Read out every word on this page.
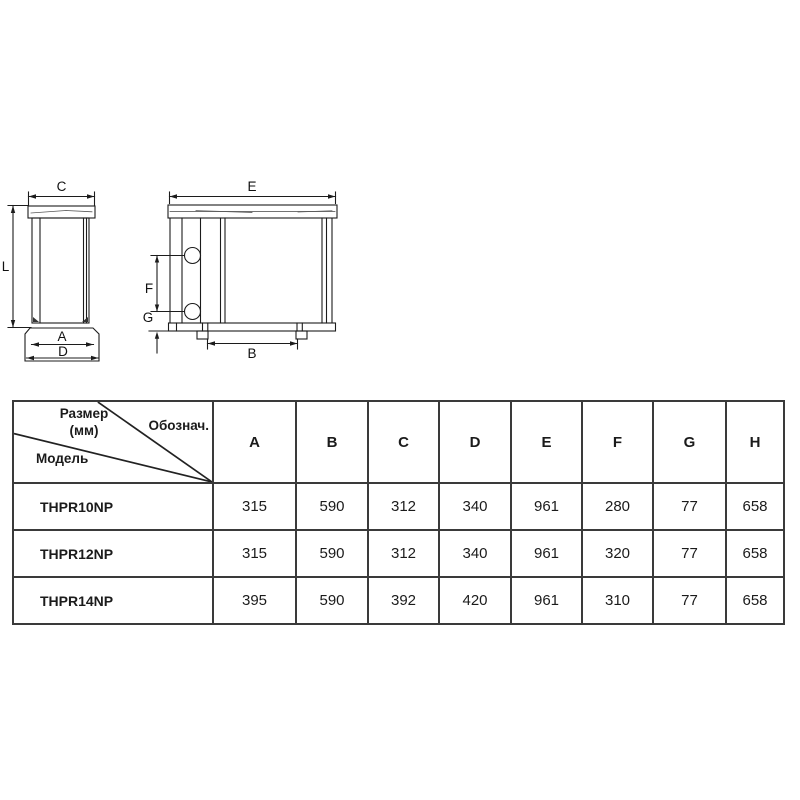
C
L
A
D
E
F
G
B
Размер
(мм) Обознач.
Модель	A	B	C	D	E	F	G	H
THPR10NP	315	590	312	340	961	280	77	658
THPR12NP	315	590	312	340	961	320	77	658
THPR14NP	395	590	392	420	961	310	77	658
